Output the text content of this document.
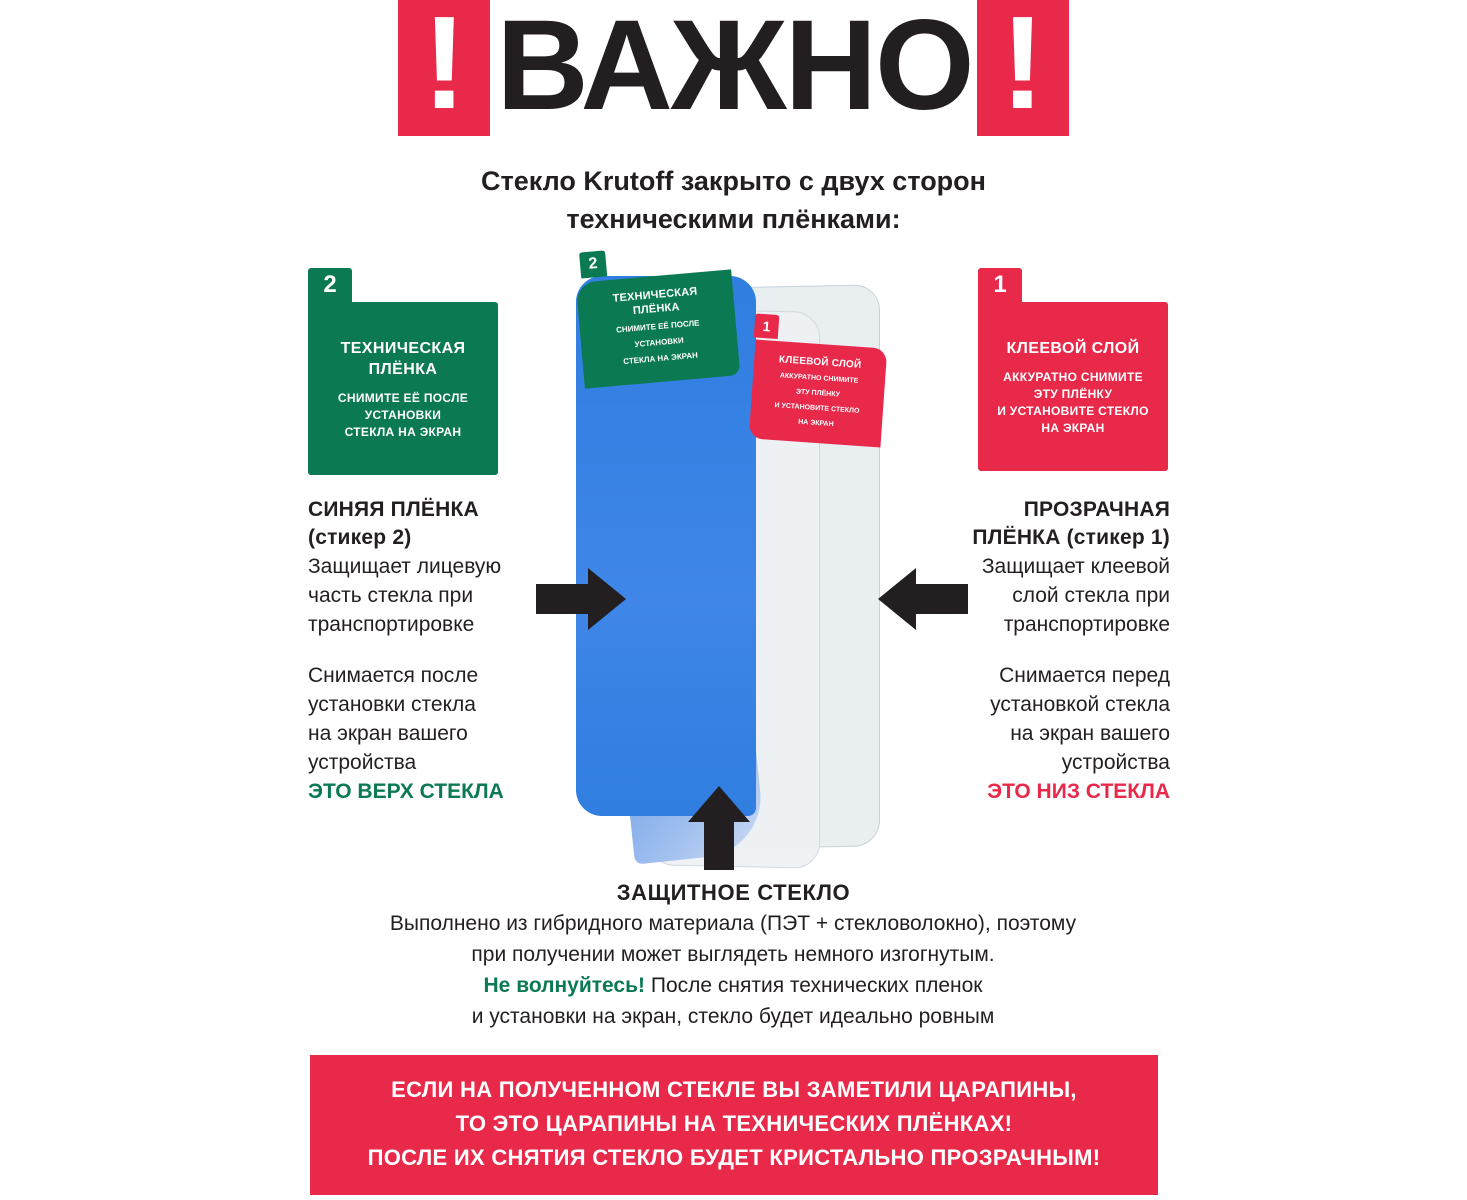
! ВАЖНО !
Стекло Krutoff закрыто с двух сторон
техническими плёнками:
2
ТЕХНИЧЕСКАЯ
ПЛЁНКА
СНИМИТЕ ЕЁ ПОСЛЕ
УСТАНОВКИ
СТЕКЛА НА ЭКРАН
1
КЛЕЕВОЙ СЛОЙ
АККУРАТНО СНИМИТЕ
ЭТУ ПЛЁНКУ
И УСТАНОВИТЕ СТЕКЛО
НА ЭКРАН
2
ТЕХНИЧЕСКАЯ
ПЛЁНКА
СНИМИТЕ ЕЁ ПОСЛЕ
УСТАНОВКИ
СТЕКЛА НА ЭКРАН
1
КЛЕЕВОЙ СЛОЙ
АККУРАТНО СНИМИТЕ
ЭТУ ПЛЁНКУ
И УСТАНОВИТЕ СТЕКЛО
НА ЭКРАН
СИНЯЯ ПЛЁНКА
(стикер 2)
Защищает лицевую
часть стекла при
транспортировке
Снимается после
установки стекла
на экран вашего
устройства
ЭТО ВЕРХ СТЕКЛА
ПРОЗРАЧНАЯ
ПЛЁНКА (стикер 1)
Защищает клеевой
слой стекла при
транспортировке
Снимается перед
установкой стекла
на экран вашего
устройства
ЭТО НИЗ СТЕКЛА
ЗАЩИТНОЕ СТЕКЛО
Выполнено из гибридного материала (ПЭТ + стекловолокно), поэтому
при получении может выглядеть немного изгогнутым.
Не волнуйтесь! После снятия технических пленок
и установки на экран, стекло будет идеально ровным
ЕСЛИ НА ПОЛУЧЕННОМ СТЕКЛЕ ВЫ ЗАМЕТИЛИ ЦАРАПИНЫ,
ТО ЭТО ЦАРАПИНЫ НА ТЕХНИЧЕСКИХ ПЛЁНКАХ!
ПОСЛЕ ИХ СНЯТИЯ СТЕКЛО БУДЕТ КРИСТАЛЬНО ПРОЗРАЧНЫМ!
